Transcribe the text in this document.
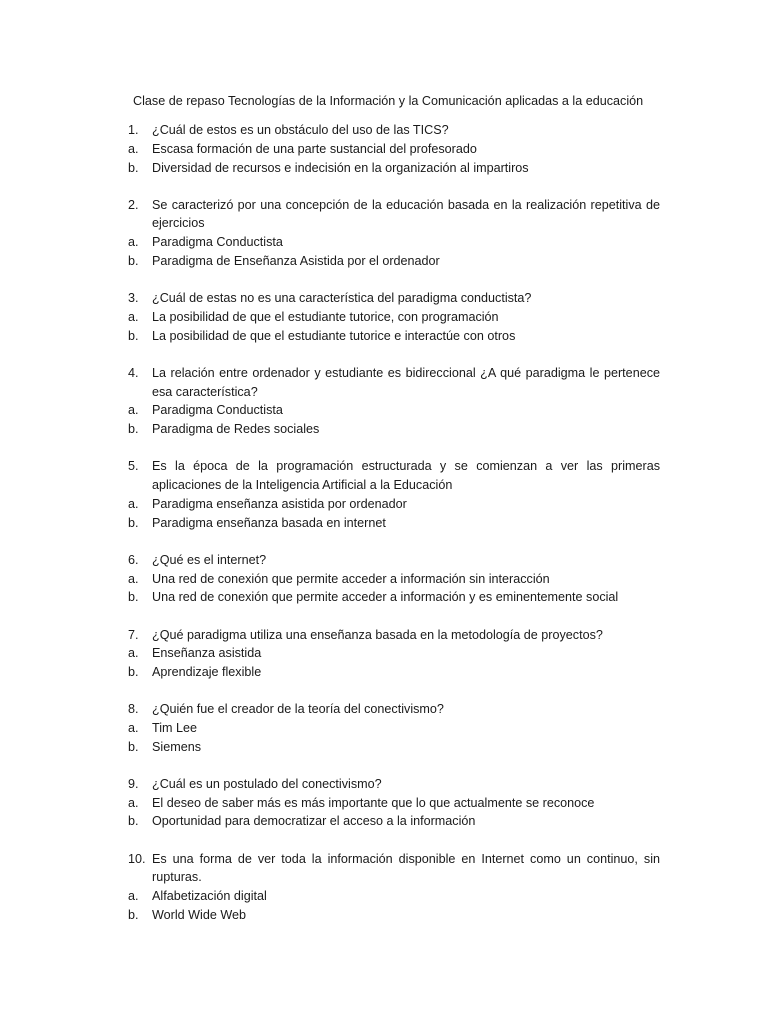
Clase de repaso Tecnologías de la Información y la Comunicación aplicadas a la educación
1.	¿Cuál de estos es un obstáculo del uso de las TICS?
a.	Escasa formación de una parte sustancial del profesorado
b.	Diversidad de recursos e indecisión en la organización al impartiros
2.	Se caracterizó por una concepción de la educación basada en la realización repetitiva de ejercicios
a.	Paradigma Conductista
b.	Paradigma de Enseñanza Asistida por el ordenador
3.	¿Cuál de estas no es una característica del paradigma conductista?
a.	La posibilidad de que el estudiante tutorice, con programación
b.	La posibilidad de que el estudiante tutorice e interactúe con otros
4.	La relación entre ordenador y estudiante es bidireccional ¿A qué paradigma le pertenece esa característica?
a.	Paradigma Conductista
b.	Paradigma de Redes sociales
5.	Es la época de la programación estructurada y se comienzan a ver las primeras aplicaciones de la Inteligencia Artificial a la Educación
a.	Paradigma enseñanza asistida por ordenador
b.	Paradigma enseñanza basada en internet
6.	¿Qué es el internet?
a.	Una red de conexión que permite acceder a información sin interacción
b.	Una red de conexión que permite acceder a información y es eminentemente social
7.	¿Qué paradigma utiliza una enseñanza basada en la metodología de proyectos?
a.	Enseñanza asistida
b.	Aprendizaje flexible
8.	¿Quién fue el creador de la teoría del conectivismo?
a.	Tim Lee
b.	Siemens
9.	¿Cuál es un postulado del conectivismo?
a.	El deseo de saber más es más importante que lo que actualmente se reconoce
b.	Oportunidad para democratizar el acceso a la información
10. Es una forma de ver toda la información disponible en Internet como un continuo, sin rupturas.
a.	Alfabetización digital
b.	World Wide Web
